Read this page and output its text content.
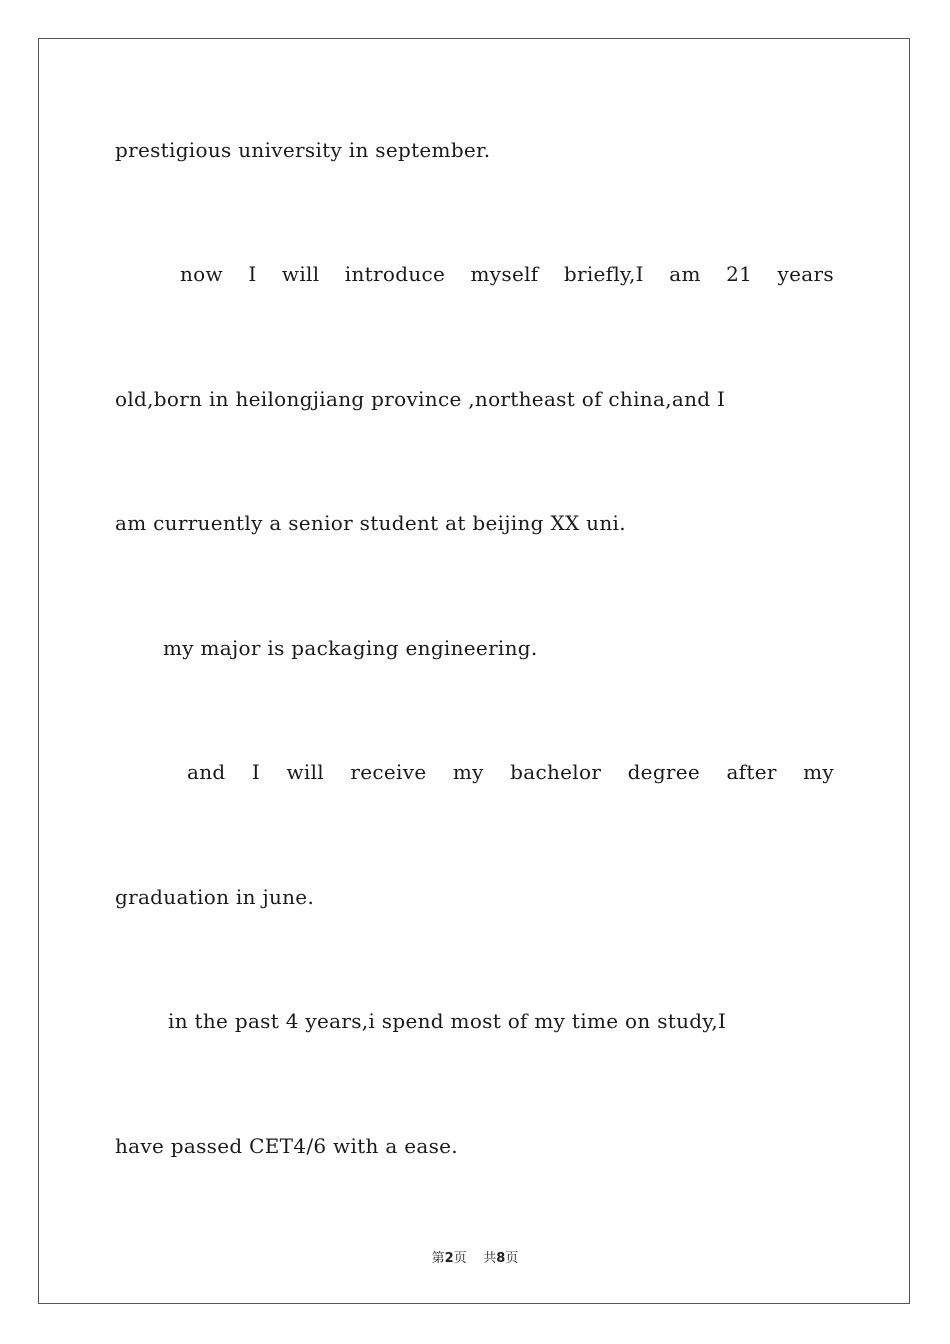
prestigious university in september.
now I will introduce myself briefly,I am 21 years
old,born in heilongjiang province ,northeast of china,and I
am curruently a senior student at beijing XX uni.
my major is packaging engineering.
and I will receive my bachelor degree after my
graduation in june.
in the past 4 years,i spend most of my time on study,I
have passed CET4/6 with a ease.
第2页 共8页
